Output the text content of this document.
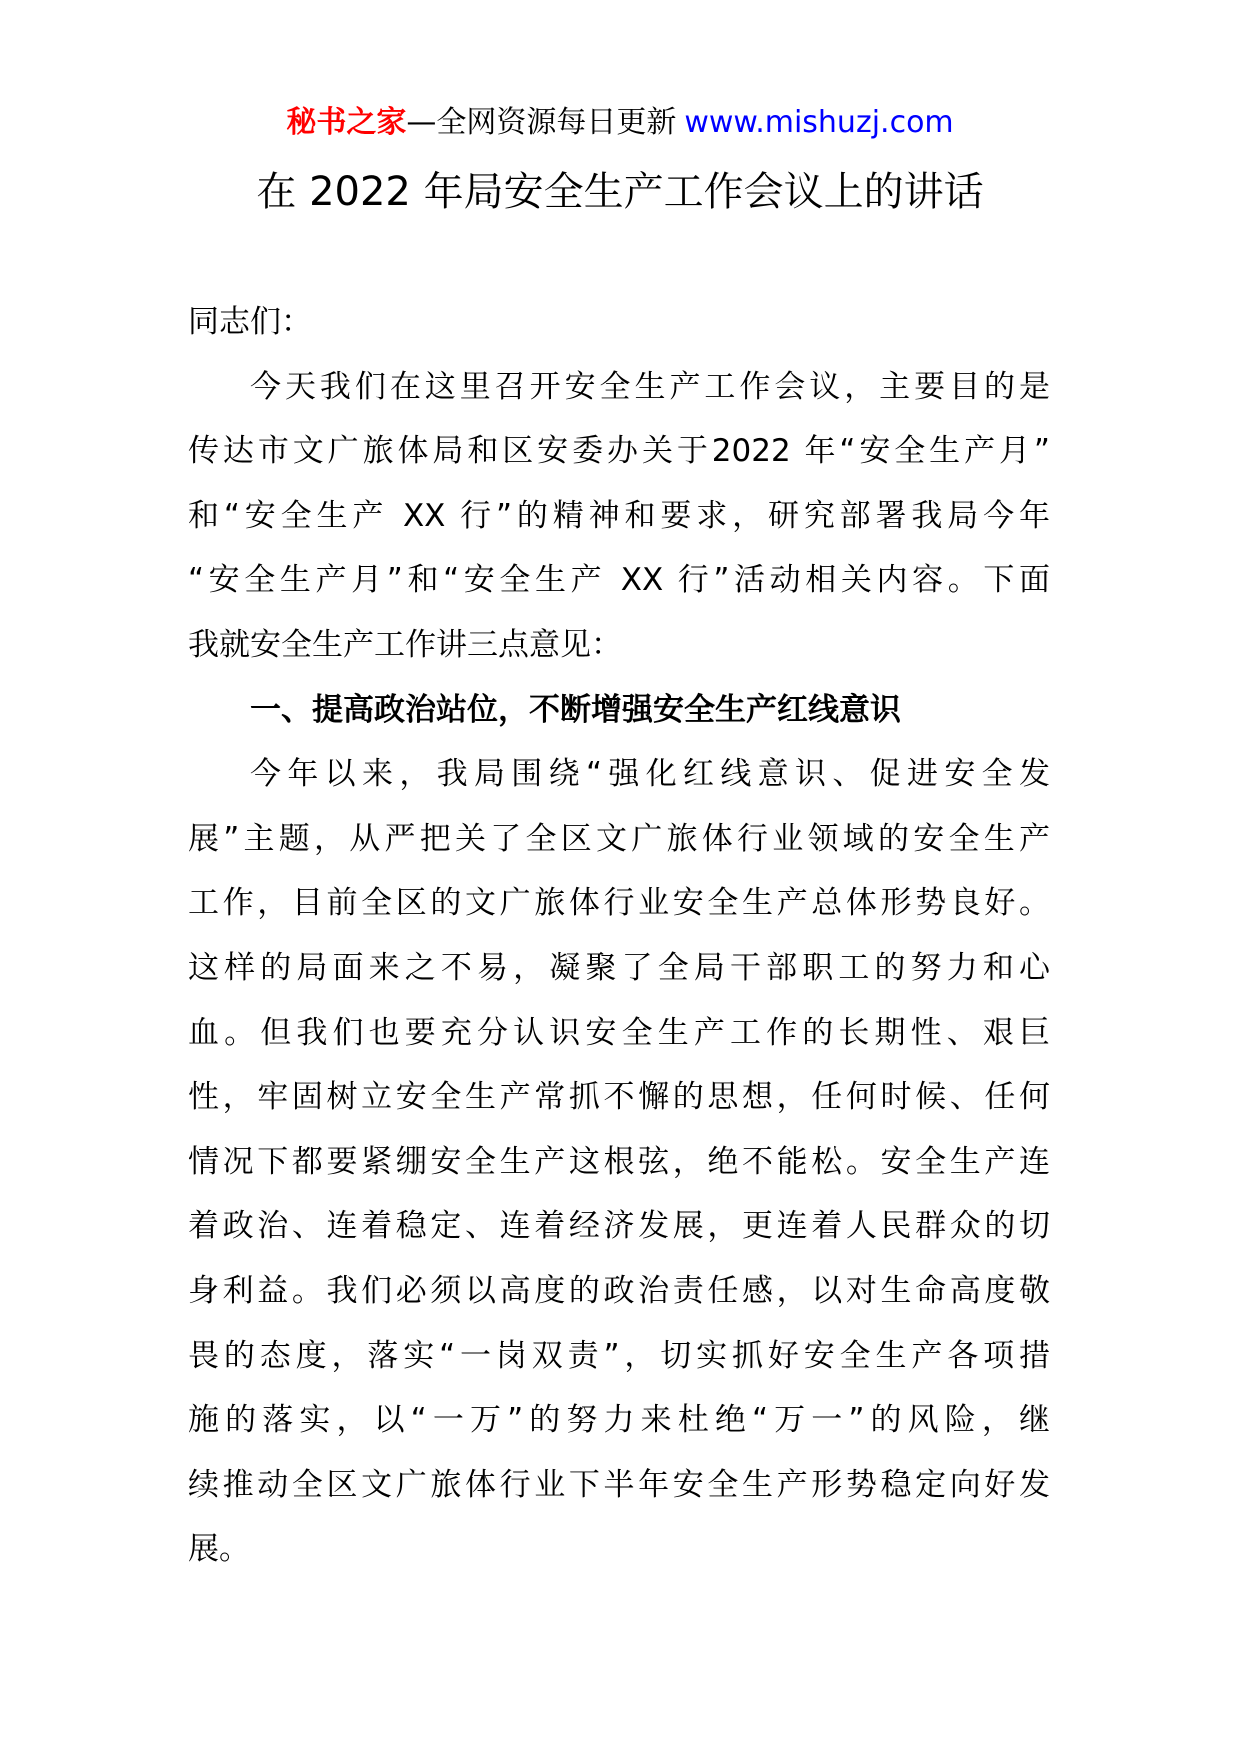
秘书之家—全网资源每日更新 www.mishuzj.com
在 2022 年局安全生产工作会议上的讲话
同志们：
今天我们在这里召开安全生产工作会议，主要目的是
传达市文广旅体局和区安委办关于2022 年“安全生产月”
和“安全生产 XX 行”的精神和要求，研究部署我局今年
“安全生产月”和“安全生产 XX 行”活动相关内容。下面
我就安全生产工作讲三点意见：
一、提高政治站位，不断增强安全生产红线意识
今年以来，我局围绕“强化红线意识、促进安全发
展”主题，从严把关了全区文广旅体行业领域的安全生产
工作，目前全区的文广旅体行业安全生产总体形势良好。
这样的局面来之不易，凝聚了全局干部职工的努力和心
血。但我们也要充分认识安全生产工作的长期性、艰巨
性，牢固树立安全生产常抓不懈的思想，任何时候、任何
情况下都要紧绷安全生产这根弦，绝不能松。安全生产连
着政治、连着稳定、连着经济发展，更连着人民群众的切
身利益。我们必须以高度的政治责任感，以对生命高度敬
畏的态度，落实“一岗双责”，切实抓好安全生产各项措
施的落实，以“一万”的努力来杜绝“万一”的风险，继
续推动全区文广旅体行业下半年安全生产形势稳定向好发
展。
